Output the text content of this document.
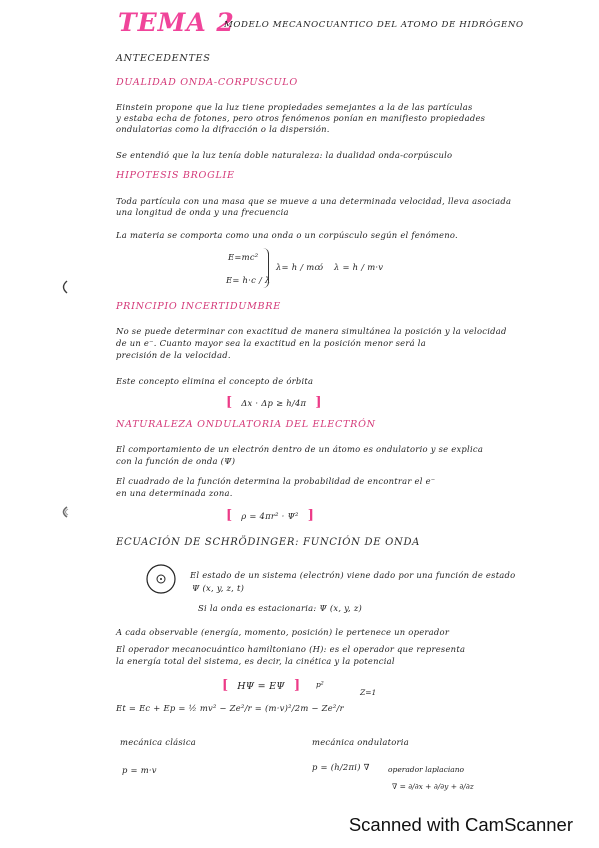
TEMA 2
MODELO MECANOCUANTICO DEL ATOMO DE HIDRÓGENO
ANTECEDENTES
DUALIDAD ONDA-CORPUSCULO
Einstein propone que la luz tiene propiedades semejantes a la de las partículas
y estaba echa de fotones, pero otros fenómenos ponían en manifiesto propiedades
ondulatorias como la difracción o la dispersión.
Se entendió que la luz tenía doble naturaleza: la dualidad onda-corpúsculo
HIPOTESIS BROGLIE
Toda partícula con una masa que se mueve a una determinada velocidad, lleva asociada
una longitud de onda y una frecuencia
La materia se comporta como una onda o un corpúsculo según el fenómeno.
E=mc²
E= h·c / λ
λ= h / mc
ó λ = h / m·v
PRINCIPIO INCERTIDUMBRE
No se puede determinar con exactitud de manera simultánea la posición y la velocidad
de un e⁻. Cuanto mayor sea la exactitud en la posición menor será la
precisión de la velocidad.
Este concepto elimina el concepto de órbita
[ Δx · Δp ≥ h/4π ]
NATURALEZA ONDULATORIA DEL ELECTRÓN
El comportamiento de un electrón dentro de un átomo es ondulatorio y se explica
con la función de onda (Ψ)
El cuadrado de la función determina la probabilidad de encontrar el e⁻
en una determinada zona.
[ ρ = 4πr² · Ψ² ]
ECUACIÓN DE SCHRÖDINGER: FUNCIÓN DE ONDA
El estado de un sistema (electrón) viene dado por una función de estado
Ψ (x, y, z, t)
Si la onda es estacionaria: Ψ (x, y, z)
A cada observable (energía, momento, posición) le pertenece un operador
El operador mecanocuántico hamiltoniano (H): es el operador que representa
la energía total del sistema, es decir, la cinética y la potencial
[ HΨ = EΨ ] p²
Z=1
Et = Ec + Ep = ½ mv² − Ze²/r = (m·v)²/2m − Ze²/r
mecánica clásica
p = m·v
mecánica ondulatoria
p = (h/2πi) ∇ operador laplaciano
∇ = ∂/∂x + ∂/∂y + ∂/∂z
Scanned with CamScanner
